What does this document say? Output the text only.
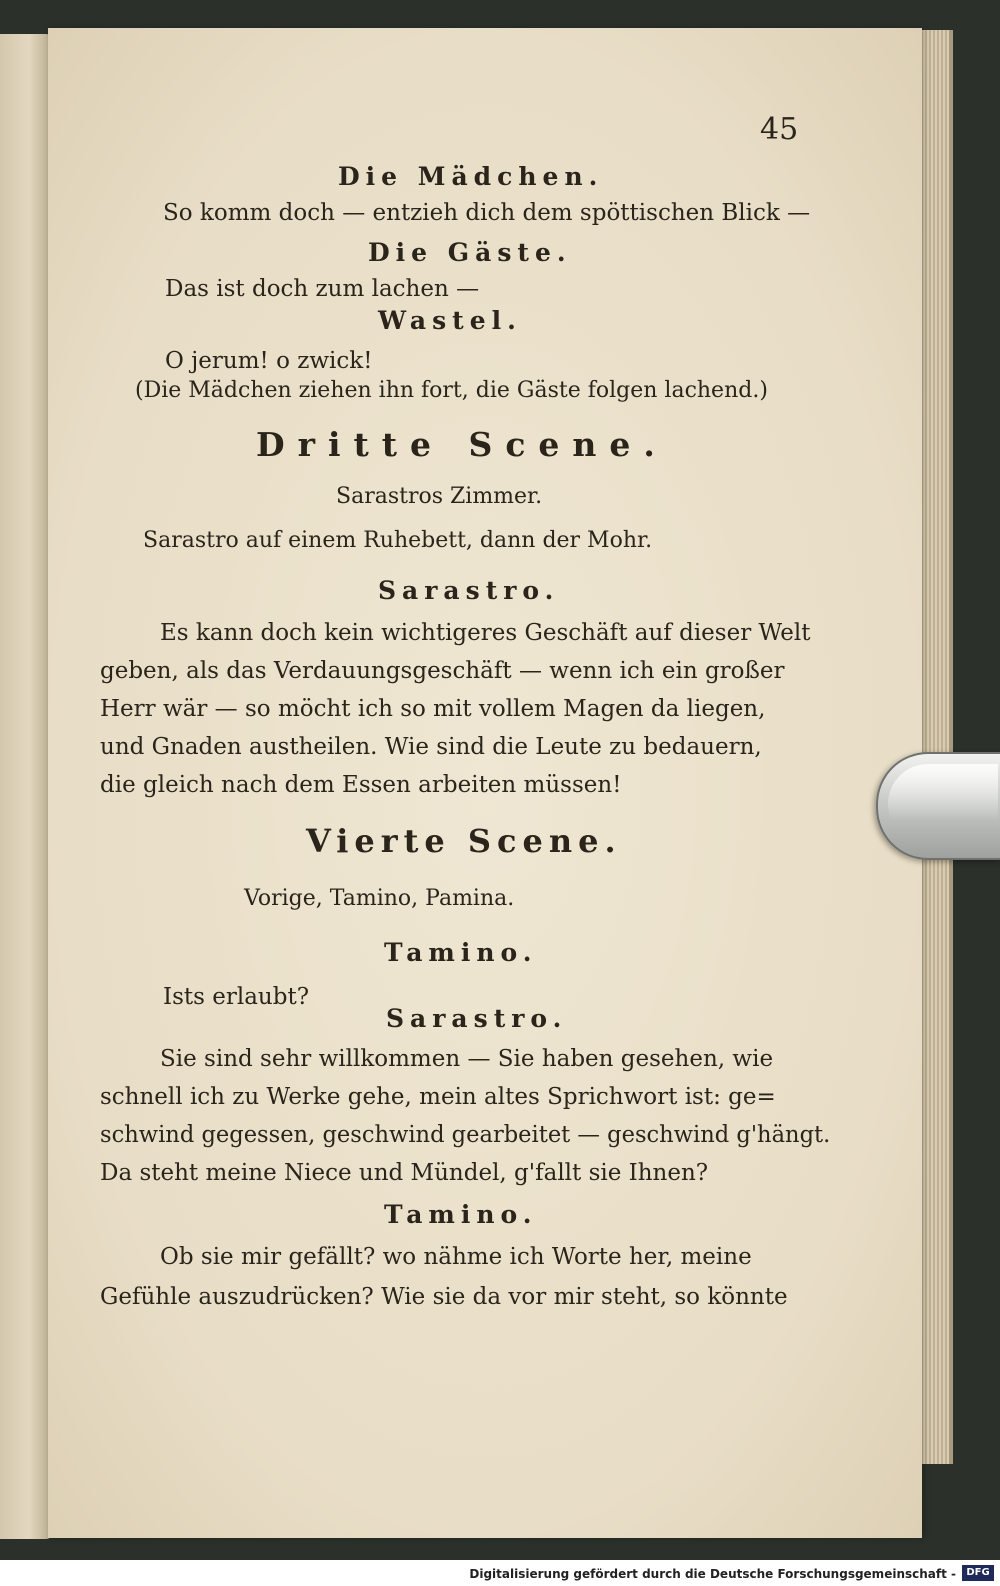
45
Die Mädchen.
So komm doch — entzieh dich dem spöttischen Blick —
Die Gäste.
Das ist doch zum lachen —
Wastel.
O jerum! o zwick!
(Die Mädchen ziehen ihn fort, die Gäste folgen lachend.)
Dritte Scene.
Sarastros Zimmer.
Sarastro auf einem Ruhebett, dann der Mohr.
Sarastro.
Es kann doch kein wichtigeres Geschäft auf dieser Welt
geben, als das Verdauungsgeschäft — wenn ich ein großer
Herr wär — so möcht ich so mit vollem Magen da liegen,
und Gnaden austheilen. Wie sind die Leute zu bedauern,
die gleich nach dem Essen arbeiten müssen!
Vierte Scene.
Vorige, Tamino, Pamina.
Tamino.
Ists erlaubt?
Sarastro.
Sie sind sehr willkommen — Sie haben gesehen, wie
schnell ich zu Werke gehe, mein altes Sprichwort ist: ge=
schwind gegessen, geschwind gearbeitet — geschwind g'hängt.
Da steht meine Niece und Mündel, g'fallt sie Ihnen?
Tamino.
Ob sie mir gefällt? wo nähme ich Worte her, meine
Gefühle auszudrücken? Wie sie da vor mir steht, so könnte
Digitalisierung gefördert durch die Deutsche Forschungsgemeinschaft -	DFG
